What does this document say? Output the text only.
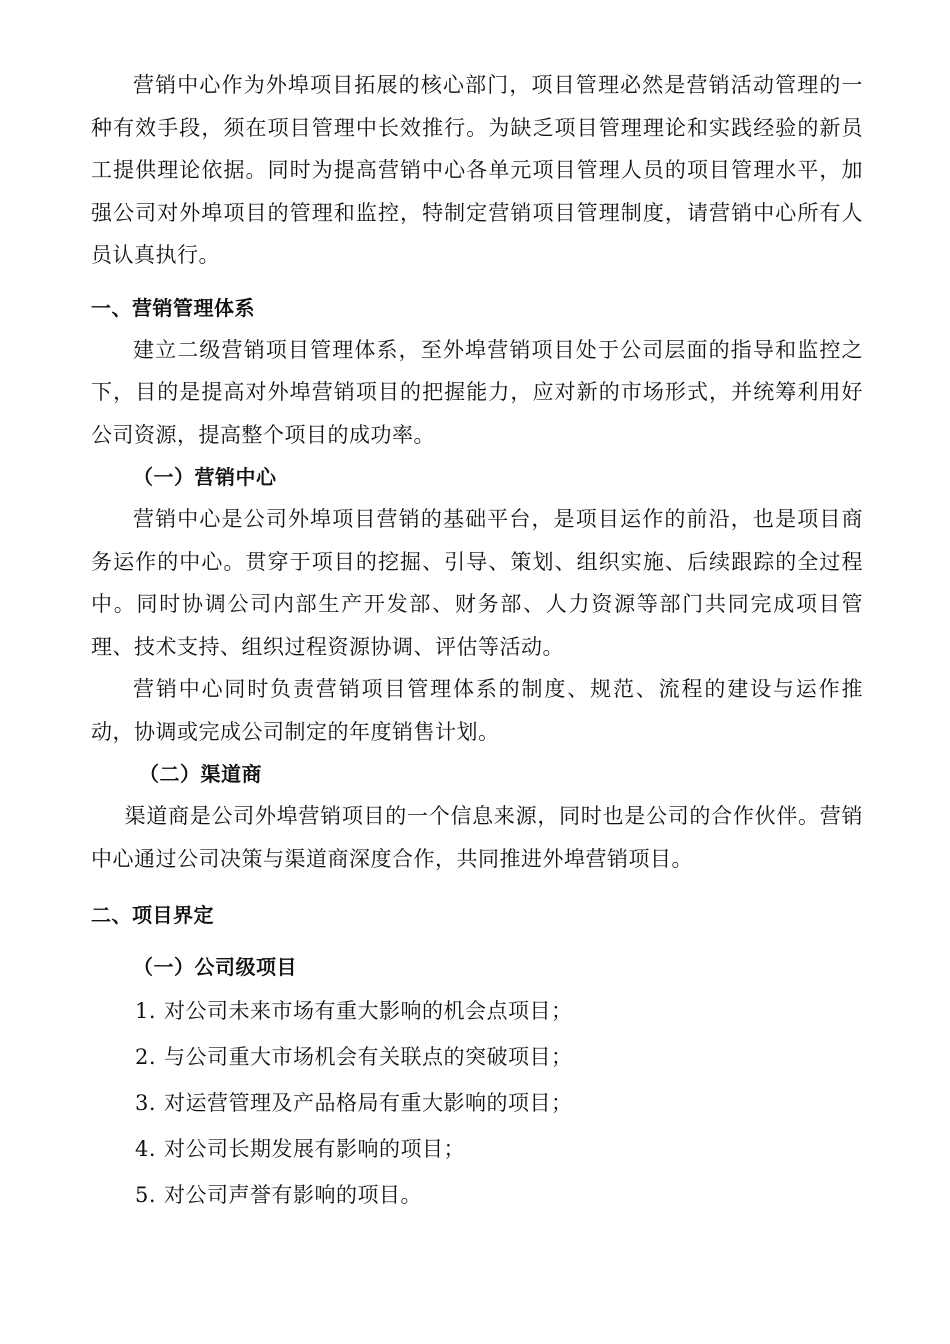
营销中心作为外埠项目拓展的核心部门，项目管理必然是营销活动管理的一种有效手段，须在项目管理中长效推行。为缺乏项目管理理论和实践经验的新员工提供理论依据。同时为提高营销中心各单元项目管理人员的项目管理水平，加强公司对外埠项目的管理和监控，特制定营销项目管理制度，请营销中心所有人员认真执行。

一、营销管理体系

建立二级营销项目管理体系，至外埠营销项目处于公司层面的指导和监控之下，目的是提高对外埠营销项目的把握能力，应对新的市场形式，并统筹利用好公司资源，提高整个项目的成功率。

（一）营销中心

营销中心是公司外埠项目营销的基础平台，是项目运作的前沿，也是项目商务运作的中心。贯穿于项目的挖掘、引导、策划、组织实施、后续跟踪的全过程中。同时协调公司内部生产开发部、财务部、人力资源等部门共同完成项目管理、技术支持、组织过程资源协调、评估等活动。

营销中心同时负责营销项目管理体系的制度、规范、流程的建设与运作推动，协调或完成公司制定的年度销售计划。

（二）渠道商

渠道商是公司外埠营销项目的一个信息来源，同时也是公司的合作伙伴。营销中心通过公司决策与渠道商深度合作，共同推进外埠营销项目。

二、项目界定
（一）公司级项目
1. 对公司未来市场有重大影响的机会点项目；
2. 与公司重大市场机会有关联点的突破项目；
3. 对运营管理及产品格局有重大影响的项目；
4. 对公司长期发展有影响的项目；
5. 对公司声誉有影响的项目。
